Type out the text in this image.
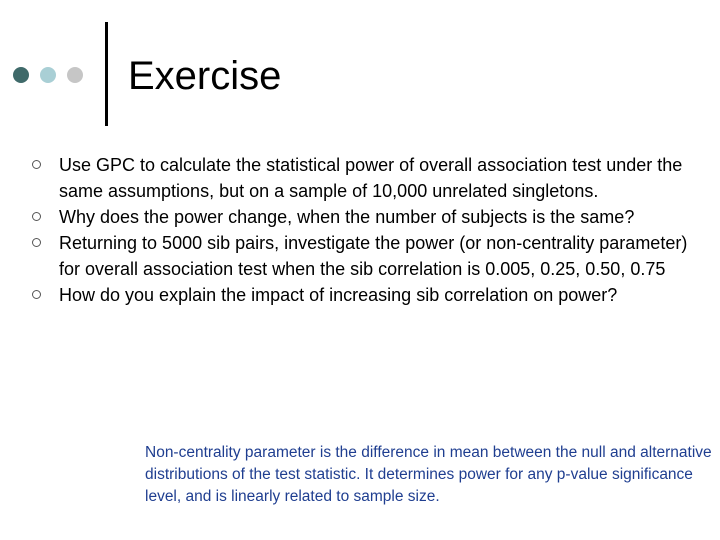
Exercise
Use GPC to calculate the statistical power of overall association test under the same assumptions, but on a sample of 10,000 unrelated singletons.
Why does the power change, when the number of subjects is the same?
Returning to 5000 sib pairs, investigate the power (or non-centrality parameter) for overall association test when the sib correlation is 0.005, 0.25, 0.50, 0.75
How do you explain the impact of increasing sib correlation on power?
Non-centrality parameter is the difference in mean between the null and alternative distributions of the test statistic. It determines power for any p-value significance level, and is linearly related to sample size.
